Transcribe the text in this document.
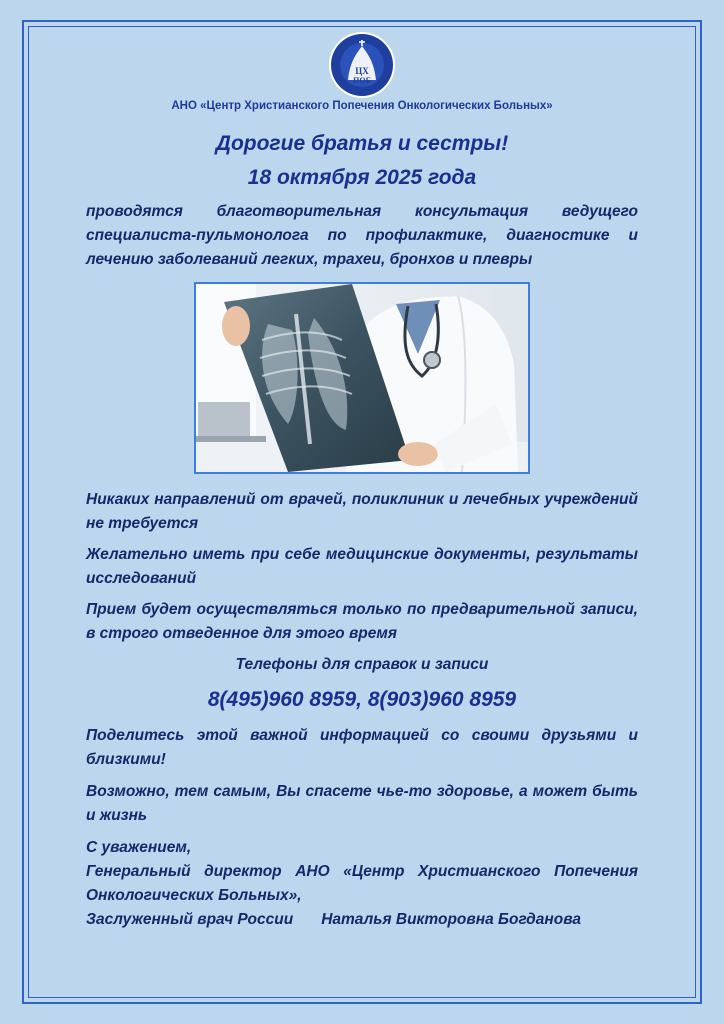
ЦХ
ПОБ
АНО «Центр Христианского Попечения Онкологических Больных»
Дорогие братья и сестры!
18 октября 2025 года
проводятся благотворительная консультация ведущего специалиста-пульмонолога по профилактике, диагностике и лечению заболеваний легких, трахеи, бронхов и плевры
Никаких направлений от врачей, поликлиник и лечебных учреждений не требуется
Желательно иметь при себе медицинские документы, результаты исследований
Прием будет осуществляться только по предварительной записи, в строго отведенное для этого время
Телефоны для справок и записи
8(495)960 8959, 8(903)960 8959
Поделитесь этой важной информацией со своими друзьями и близкими!
Возможно, тем самым, Вы спасете чье-то здоровье, а может быть и жизнь
С уважением,
Генеральный директор АНО «Центр Христианского Попечения Онкологических Больных»,
Заслуженный врач России Наталья Викторовна Богданова
